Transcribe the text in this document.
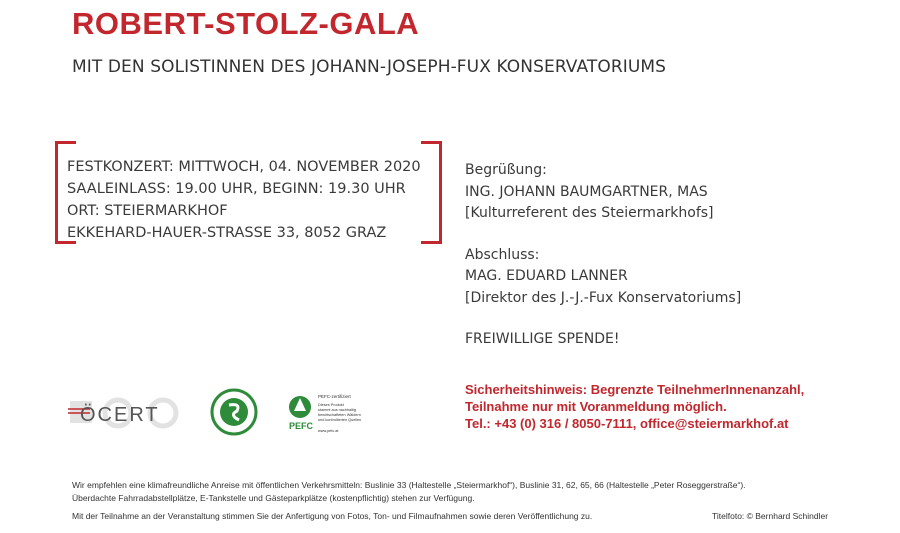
ROBERT-STOLZ-GALA
MIT DEN SOLISTINNEN DES JOHANN-JOSEPH-FUX KONSERVATORIUMS
FESTKONZERT: MITTWOCH, 04. NOVEMBER 2020
SAALEINLASS: 19.00 UHR, BEGINN: 19.30 UHR
ORT: STEIERMARKHOF
EKKEHARD-HAUER-STRASSE 33, 8052 GRAZ
Begrüßung:
ING. JOHANN BAUMGARTNER, MAS
[Kulturreferent des Steiermarkhofs]
Abschluss:
MAG. EDUARD LANNER
[Direktor des J.-J.-Fux Konservatoriums]
FREIWILLIGE SPENDE!
Sicherheitshinweis: Begrenzte TeilnehmerInnenanzahl,
Teilnahme nur mit Voranmeldung möglich.
Tel.: +43 (0) 316 / 8050-7111, office@steiermarkhof.at
ÖCERT	PEFC
PEFC-zertifiziert
Dieses Produkt
stammt aus nachhaltig
bewirtschafteten Wäldern
und kontrollierten Quellen
www.pefc.at
Wir empfehlen eine klimafreundliche Anreise mit öffentlichen Verkehrsmitteln: Buslinie 33 (Haltestelle „Steiermarkhof“), Buslinie 31, 62, 65, 66 (Haltestelle „Peter Roseggerstraße“).
Überdachte Fahrradabstellplätze, E-Tankstelle und Gästeparkplätze (kostenpflichtig) stehen zur Verfügung.
Mit der Teilnahme an der Veranstaltung stimmen Sie der Anfertigung von Fotos, Ton- und Filmaufnahmen sowie deren Veröffentlichung zu.	Titelfoto: © Bernhard Schindler
